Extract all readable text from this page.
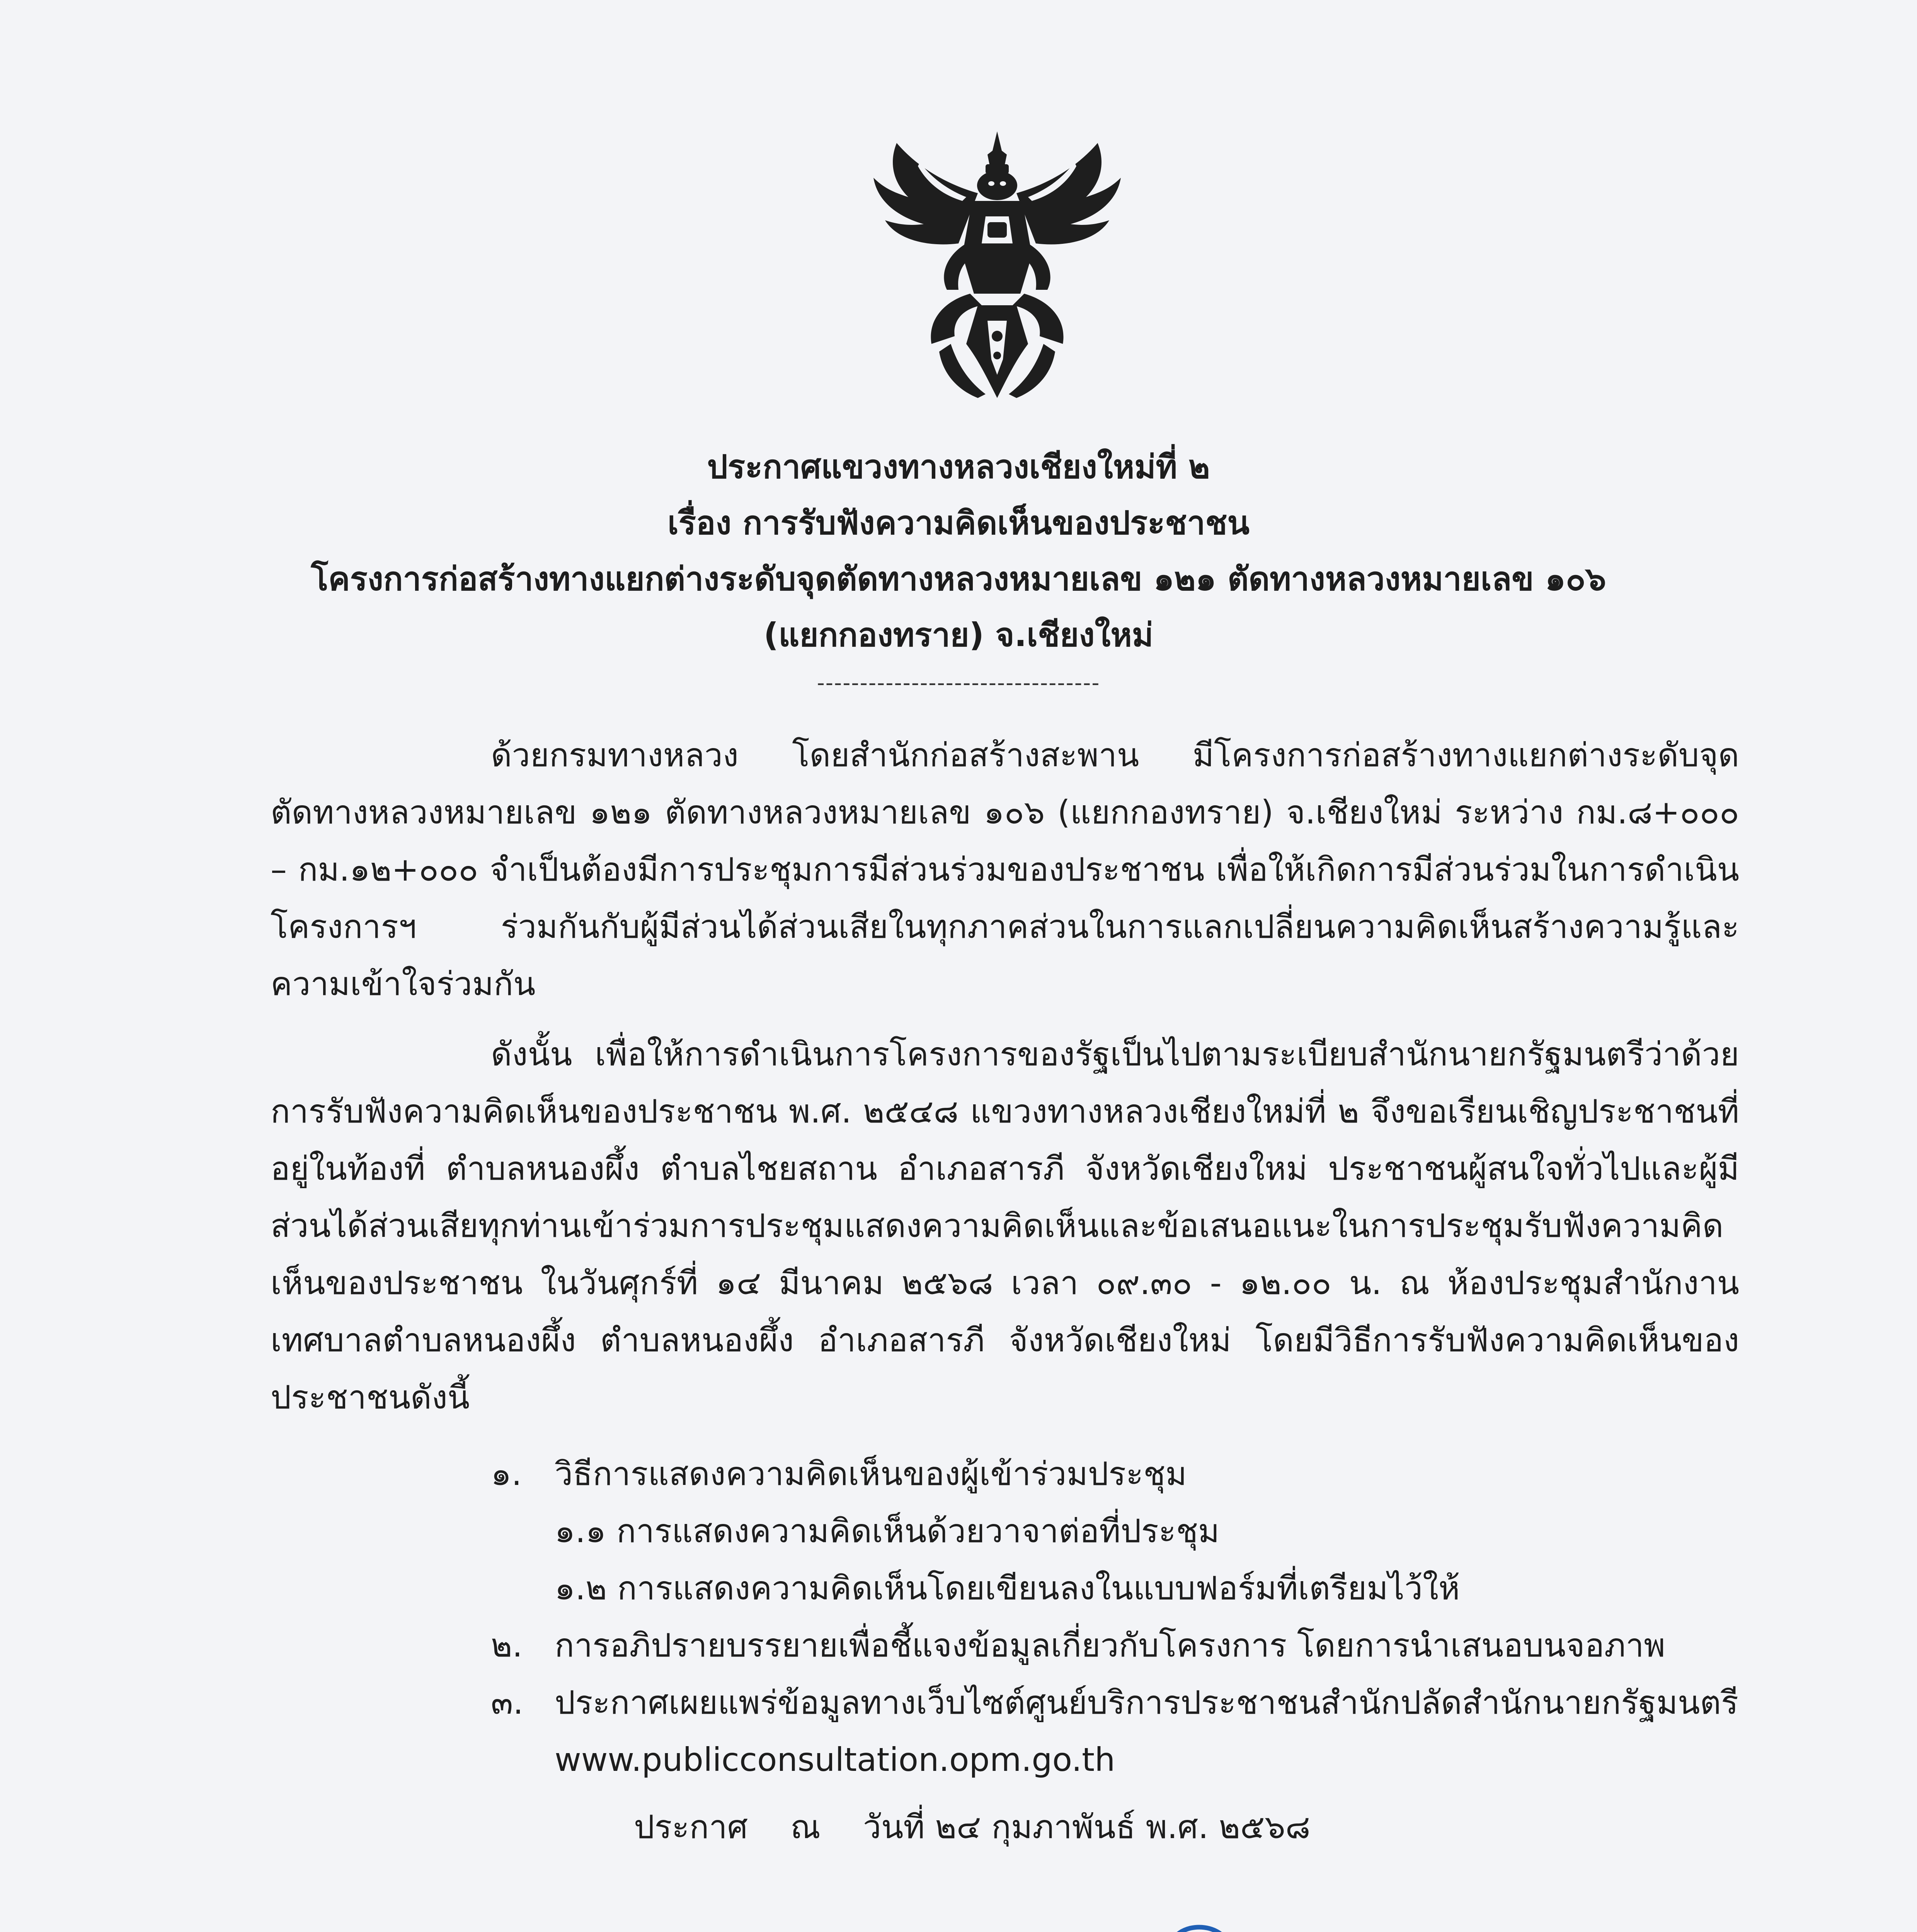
ประกาศแขวงทางหลวงเชียงใหม่ที่ ๒
เรื่อง การรับฟังความคิดเห็นของประชาชน
โครงการก่อสร้างทางแยกต่างระดับจุดตัดทางหลวงหมายเลข ๑๒๑ ตัดทางหลวงหมายเลข ๑๐๖
(แยกกองทราย) จ.เชียงใหม่
---------------------------------

ด้วยกรมทางหลวง โดยสำนักก่อสร้างสะพาน มีโครงการก่อสร้างทางแยกต่างระดับจุดตัดทางหลวงหมายเลข ๑๒๑ ตัดทางหลวงหมายเลข ๑๐๖ (แยกกองทราย) จ.เชียงใหม่ ระหว่าง กม.๘+๐๐๐ – กม.๑๒+๐๐๐ จำเป็นต้องมีการประชุมการมีส่วนร่วมของประชาชน เพื่อให้เกิดการมีส่วนร่วมในการดำเนินโครงการฯ ร่วมกันกับผู้มีส่วนได้ส่วนเสียในทุกภาคส่วนในการแลกเปลี่ยนความคิดเห็นสร้างความรู้และความเข้าใจร่วมกัน

ดังนั้น เพื่อให้การดำเนินการโครงการของรัฐเป็นไปตามระเบียบสำนักนายกรัฐมนตรีว่าด้วยการรับฟังความคิดเห็นของประชาชน พ.ศ. ๒๕๔๘ แขวงทางหลวงเชียงใหม่ที่ ๒ จึงขอเรียนเชิญประชาชนที่อยู่ในท้องที่ ตำบลหนองผึ้ง ตำบลไชยสถาน อำเภอสารภี จังหวัดเชียงใหม่ ประชาชนผู้สนใจทั่วไปและผู้มีส่วนได้ส่วนเสียทุกท่านเข้าร่วมการประชุมแสดงความคิดเห็นและข้อเสนอแนะในการประชุมรับฟังความคิดเห็นของประชาชน ในวันศุกร์ที่ ๑๔ มีนาคม ๒๕๖๘ เวลา ๐๙.๓๐ - ๑๒.๐๐ น. ณ ห้องประชุมสำนักงานเทศบาลตำบลหนองผึ้ง ตำบลหนองผึ้ง อำเภอสารภี จังหวัดเชียงใหม่ โดยมีวิธีการรับฟังความคิดเห็นของประชาชนดังนี้

๑.	วิธีการแสดงความคิดเห็นของผู้เข้าร่วมประชุม
๑.๑ การแสดงความคิดเห็นด้วยวาจาต่อที่ประชุม
๑.๒ การแสดงความคิดเห็นโดยเขียนลงในแบบฟอร์มที่เตรียมไว้ให้
๒. การอภิปรายบรรยายเพื่อชี้แจงข้อมูลเกี่ยวกับโครงการ โดยการนำเสนอบนจอภาพ
๓. ประกาศเผยแพร่ข้อมูลทางเว็บไซต์ศูนย์บริการประชาชนสำนักปลัดสำนักนายกรัฐมนตรี
www.publicconsultation.opm.go.th
ประกาศ ณ วันที่ ๒๔ กุมภาพันธ์ พ.ศ. ๒๕๖๘
